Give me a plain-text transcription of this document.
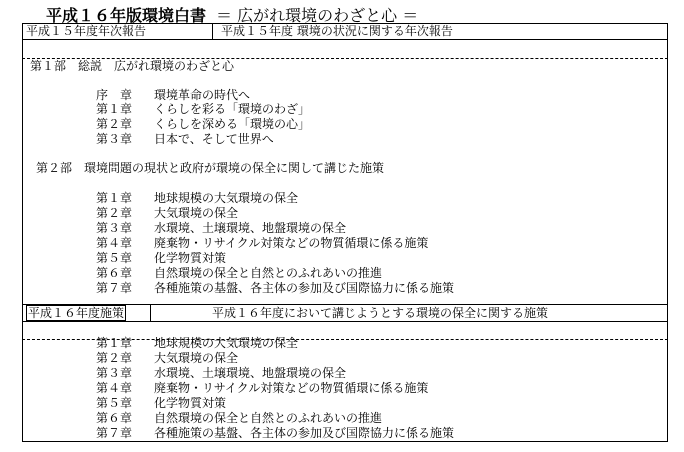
平成１６年版環境白書 ＝ 広がれ環境のわざと心 ＝
平成１５年度年次報告	平成１５年度 環境の状況に関する年次報告
第１部　総説　広がれ環境のわざと心
序　章 環境革命の時代へ
第１章 くらしを彩る「環境のわざ」
第２章 くらしを深める「環境の心」
第３章 日本で、そして世界へ
第２部　環境問題の現状と政府が環境の保全に関して講じた施策
第１章 地球規模の大気環境の保全
第２章 大気環境の保全
第３章 水環境、土壌環境、地盤環境の保全
第４章 廃棄物・リサイクル対策などの物質循環に係る施策
第５章 化学物質対策
第６章 自然環境の保全と自然とのふれあいの推進
第７章 各種施策の基盤、各主体の参加及び国際協力に係る施策
平成１６年度施策	平成１６年度において講じようとする環境の保全に関する施策
第１章 地球規模の大気環境の保全
第２章 大気環境の保全
第３章 水環境、土壌環境、地盤環境の保全
第４章 廃棄物・リサイクル対策などの物質循環に係る施策
第５章 化学物質対策
第６章 自然環境の保全と自然とのふれあいの推進
第７章 各種施策の基盤、各主体の参加及び国際協力に係る施策
